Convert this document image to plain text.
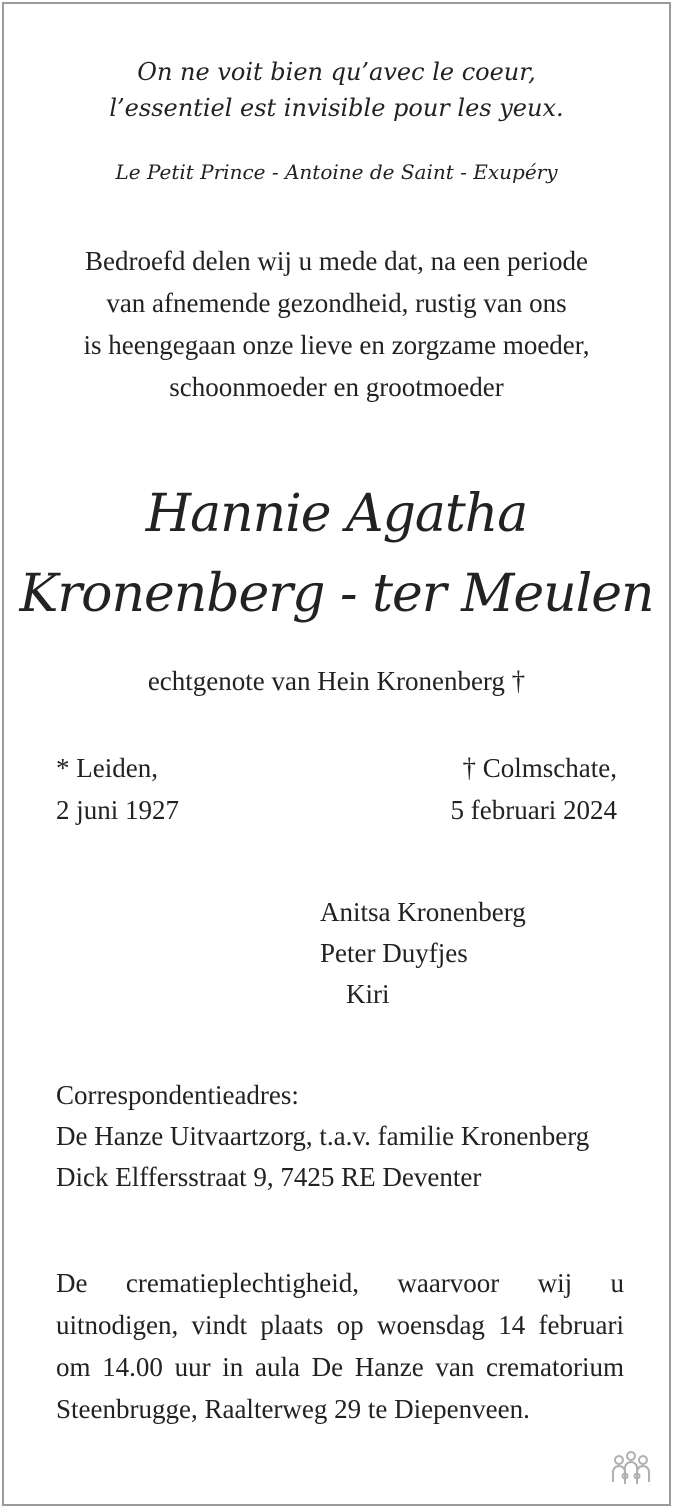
On ne voit bien qu’avec le coeur,
l’essentiel est invisible pour les yeux.
Le Petit Prince - Antoine de Saint - Exupéry
Bedroefd delen wij u mede dat, na een periode
van afnemende gezondheid, rustig van ons
is heengegaan onze lieve en zorgzame moeder,
schoonmoeder en grootmoeder
Hannie Agatha
Kronenberg - ter Meulen
echtgenote van Hein Kronenberg †
* Leiden,
2 juni 1927
† Colmschate,
5 februari 2024
Anitsa Kronenberg
Peter Duyfjes
Kiri
Correspondentieadres:
De Hanze Uitvaartzorg, t.a.v. familie Kronenberg
Dick Elffersstraat 9, 7425 RE Deventer
De crematieplechtigheid, waarvoor wij u uitnodigen, vindt plaats op woensdag 14 februari om 14.00 uur in aula De Hanze van crematorium Steenbrugge, Raalterweg 29 te Diepenveen.
